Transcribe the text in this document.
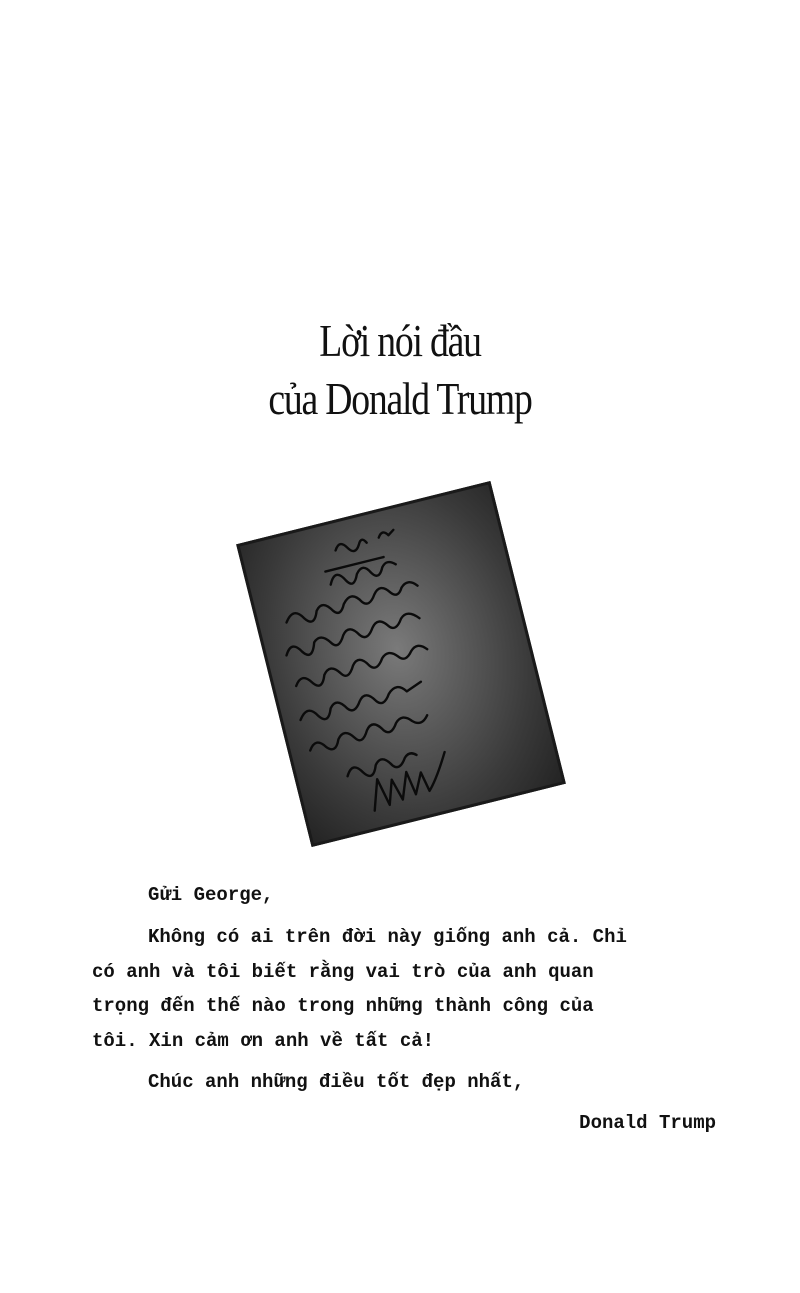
Lời nói đầu
của Donald Trump
Gửi George,
Không có ai trên đời này giống anh cả. Chỉ
có anh và tôi biết rằng vai trò của anh quan
trọng đến thế nào trong những thành công của
tôi. Xin cảm ơn anh về tất cả!
Chúc anh những điều tốt đẹp nhất,
Donald Trump
